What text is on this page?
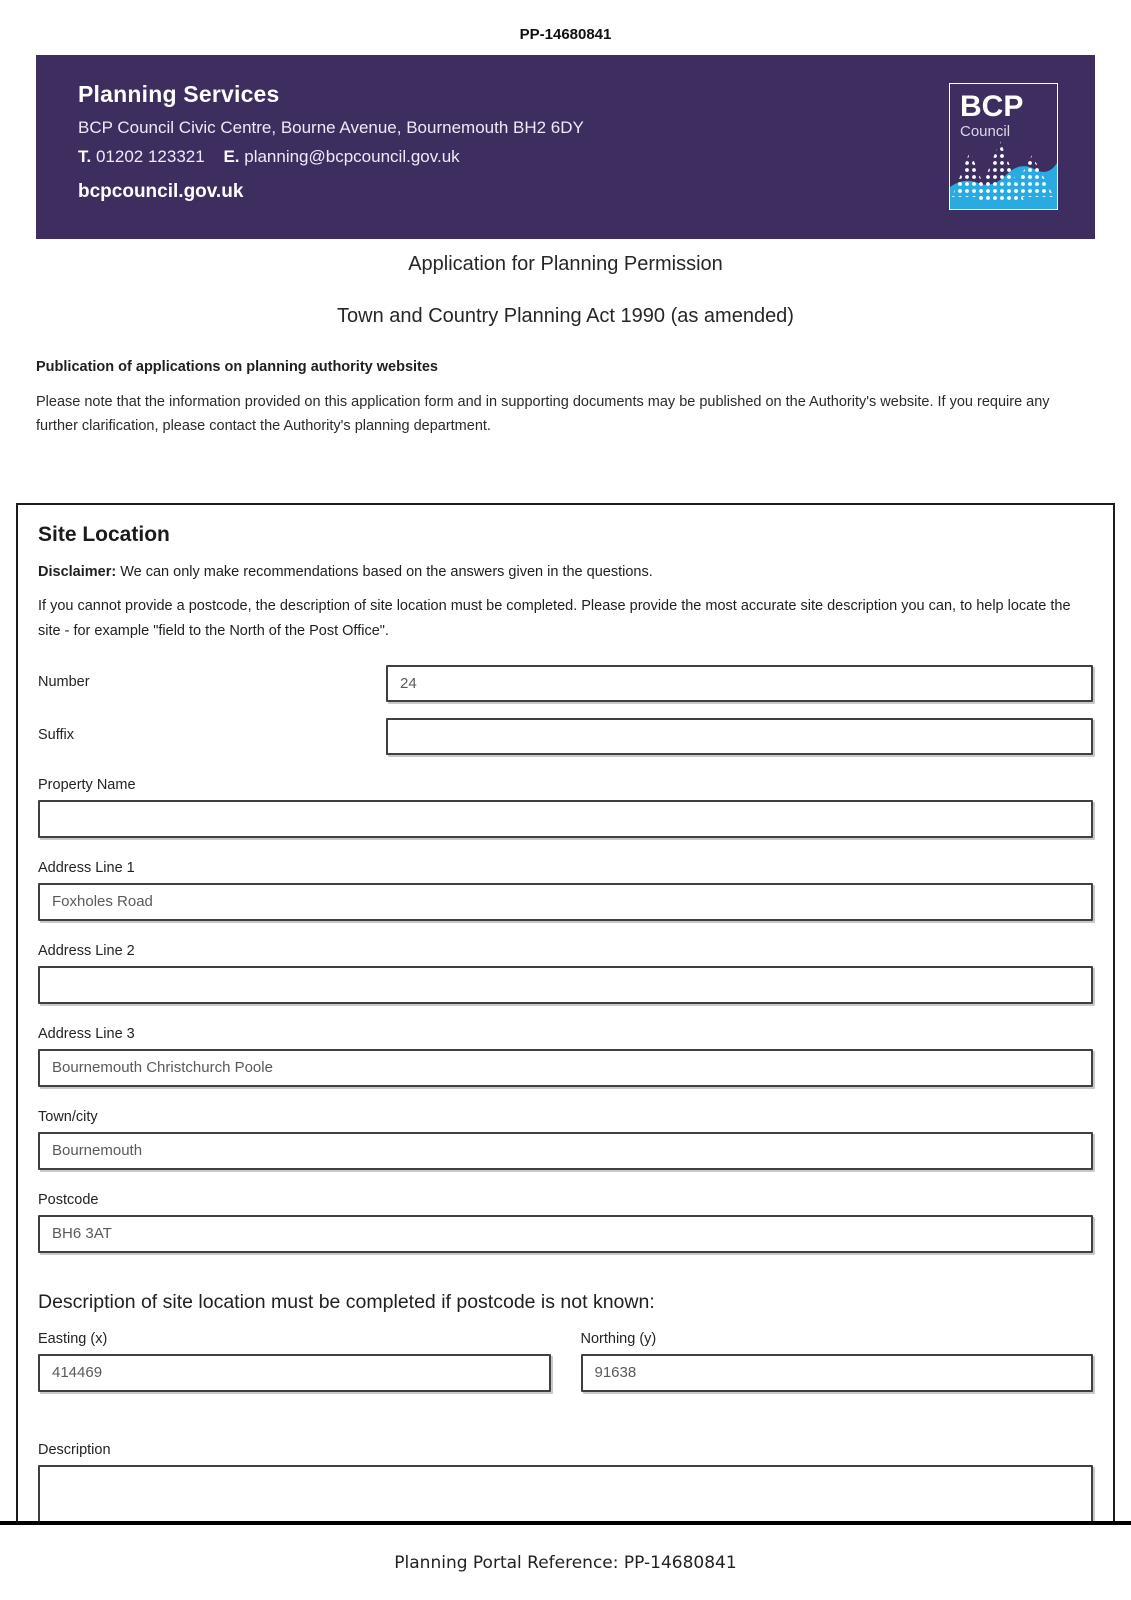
PP-14680841
Planning Services
BCP Council Civic Centre, Bourne Avenue, Bournemouth BH2 6DY
T. 01202 123321 E. planning@bcpcouncil.gov.uk
bcpcouncil.gov.uk
BCP
Council
Application for Planning Permission
Town and Country Planning Act 1990 (as amended)
Publication of applications on planning authority websites
Please note that the information provided on this application form and in supporting documents may be published on the Authority's website. If you require any further clarification, please contact the Authority's planning department.
Site Location
Disclaimer: We can only make recommendations based on the answers given in the questions.
If you cannot provide a postcode, the description of site location must be completed. Please provide the most accurate site description you can, to help locate the site - for example "field to the North of the Post Office".
Number
24
Suffix
Property Name
Address Line 1
Foxholes Road
Address Line 2
Address Line 3
Bournemouth Christchurch Poole
Town/city
Bournemouth
Postcode
BH6 3AT
Description of site location must be completed if postcode is not known:
Easting (x)
414469	Northing (y)
91638
Description
Planning Portal Reference: PP-14680841
